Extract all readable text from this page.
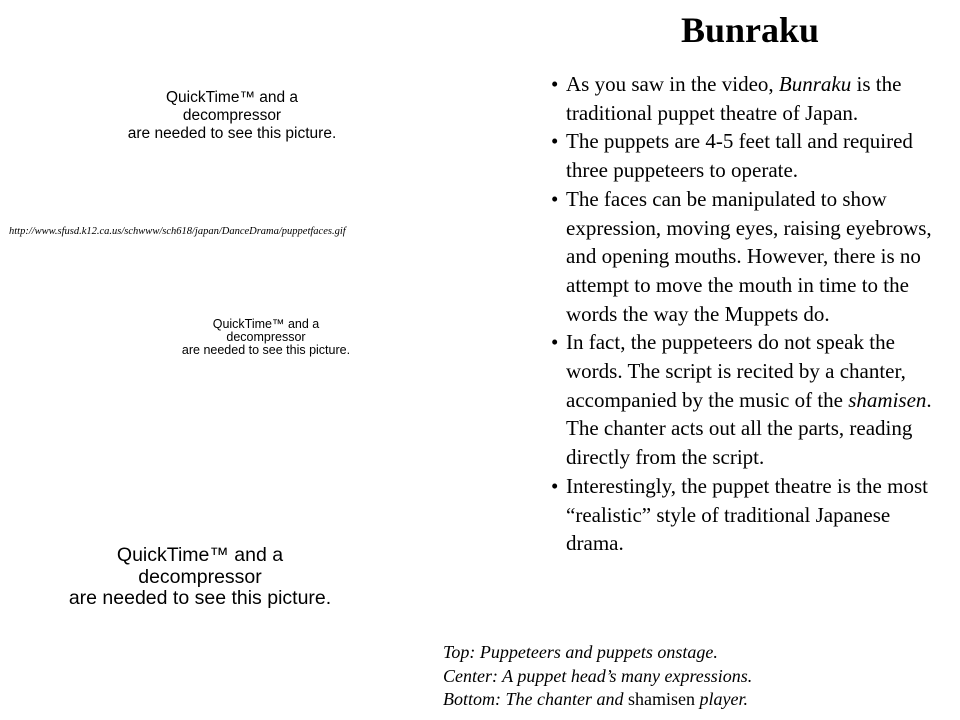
QuickTime™ and a
decompressor
are needed to see this picture.
http://www.sfusd.k12.ca.us/schwww/sch618/japan/DanceDrama/puppetfaces.gif
QuickTime™ and a
decompressor
are needed to see this picture.
QuickTime™ and a
decompressor
are needed to see this picture.
Bunraku
• As you saw in the video, Bunraku is the traditional puppet theatre of Japan.
• The puppets are 4-5 feet tall and required three puppeteers to operate.
• The faces can be manipulated to show expression, moving eyes, raising eyebrows, and opening mouths. However, there is no attempt to move the mouth in time to the words the way the Muppets do.
• In fact, the puppeteers do not speak the words. The script is recited by a chanter, accompanied by the music of the shamisen. The chanter acts out all the parts, reading directly from the script.
• Interestingly, the puppet theatre is the most “realistic” style of traditional Japanese drama.
Top: Puppeteers and puppets onstage.
Center: A puppet head’s many expressions.
Bottom: The chanter and shamisen player.
